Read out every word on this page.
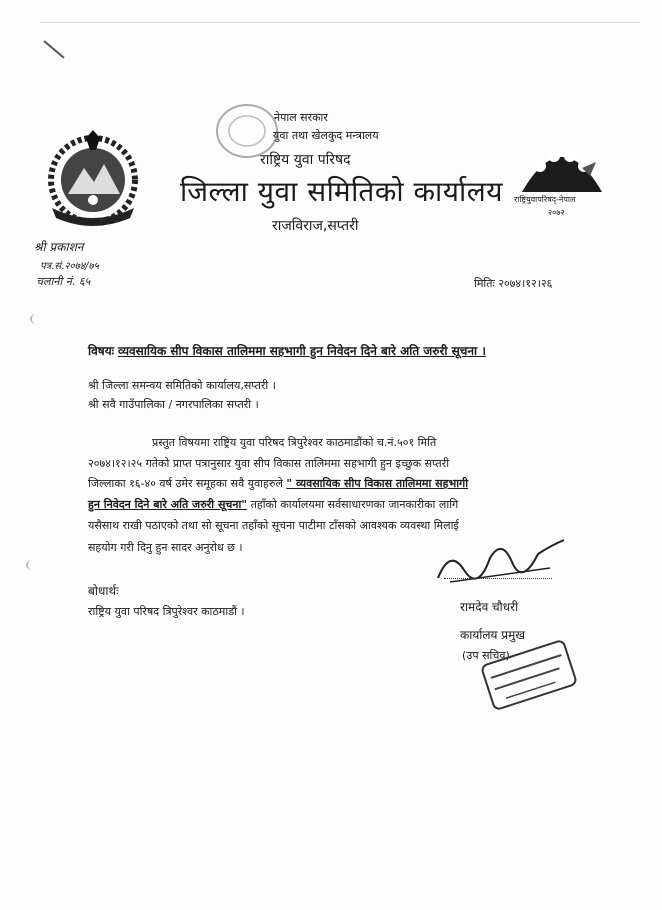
नेपाल सरकार
युवा तथा खेलकुद मन्त्रालय
राष्ट्रिय युवा परिषद
जिल्ला युवा समितिको कार्यालय
राजविराज,सप्तरी
राष्ट्रियुवापरिषद्-नेपाल
२०७२
श्री प्रकाशन
पत्र.सं.२०७४/७५
चलानी नं. ६५	मितिः २०७४।१२।२६
विषयः व्यवसायिक सीप विकास तालिममा सहभागी हुन निवेदन दिने बारे अति जरुरी सूचना ।
श्री जिल्ला समन्वय समितिको कार्यालय,सप्तरी ।
श्री सवै गाउँपालिका / नगरपालिका सप्तरी ।
प्रस्तुत विषयमा राष्ट्रिय युवा परिषद त्रिपुरेश्वर काठमाडौंको च.नं.५०१ मिति
२०७४।१२।२५ गतेको प्राप्त पत्रानुसार युवा सीप विकास तालिममा सहभागी हुन इच्छुक सप्तरी
जिल्लाका १६-४० वर्ष उमेर समूहका सवै युवाहरुले " व्यवसायिक सीप विकास तालिममा सहभागी
हुन निवेदन दिने बारे अति जरुरी सूचना" तहाँको कार्यालयमा सर्वसाधारणका जानकारीका लागि
यसैसाथ राखी पठाएको तथा सो सूचना तहाँको सूचना पाटीमा टाँसको आवश्यक व्यवस्था मिलाई
सहयोग गरी दिनु हुन सादर अनुरोध छ ।
बोधार्थः
राष्ट्रिय युवा परिषद त्रिपुरेश्वर काठमाडौं ।	रामदेव चौधरी
कार्यालय प्रमुख
(उप सचिव)
